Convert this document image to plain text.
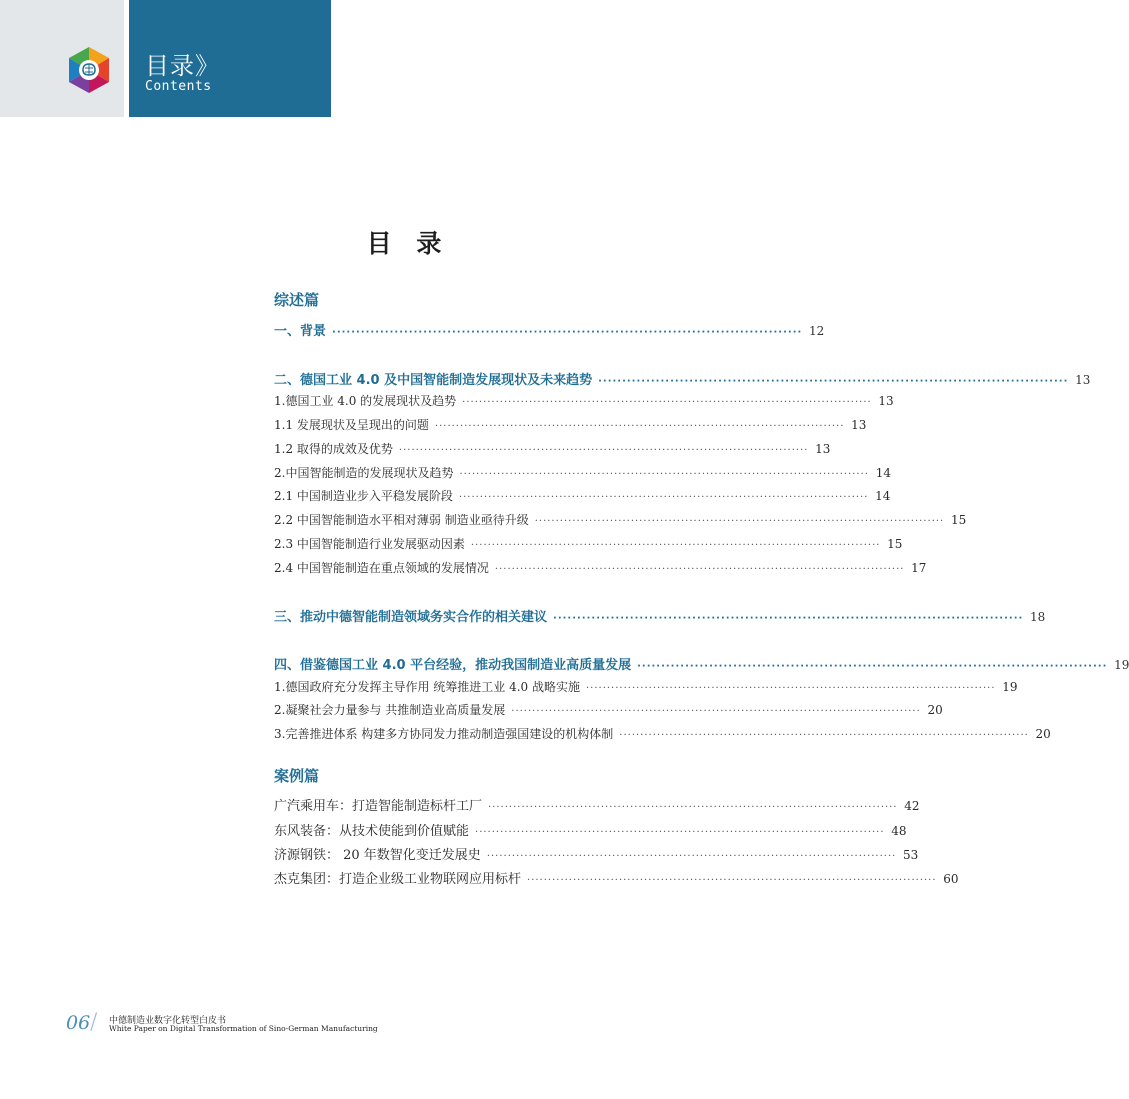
目录》
Contents
目 录
综述篇
一、背景 ·································································································· 12
二、德国工业 4.0 及中国智能制造发展现状及未来趋势 ·································································································· 13
1.德国工业 4.0 的发展现状及趋势 ·································································································· 13
1.1 发展现状及呈现出的问题 ·································································································· 13
1.2 取得的成效及优势 ·································································································· 13
2.中国智能制造的发展现状及趋势 ·································································································· 14
2.1 中国制造业步入平稳发展阶段 ·································································································· 14
2.2 中国智能制造水平相对薄弱 制造业亟待升级 ·································································································· 15
2.3 中国智能制造行业发展驱动因素 ·································································································· 15
2.4 中国智能制造在重点领域的发展情况 ·································································································· 17
三、推动中德智能制造领域务实合作的相关建议 ·································································································· 18
四、借鉴德国工业 4.0 平台经验，推动我国制造业高质量发展 ·································································································· 19
1.德国政府充分发挥主导作用 统筹推进工业 4.0 战略实施 ·································································································· 19
2.凝聚社会力量参与 共推制造业高质量发展 ·································································································· 20
3.完善推进体系 构建多方协同发力推动制造强国建设的机构体制 ·································································································· 20
案例篇
广汽乘用车：打造智能制造标杆工厂 ·································································································· 42
东风装备：从技术使能到价值赋能 ·································································································· 48
济源钢铁： 20 年数智化变迁发展史 ·································································································· 53
杰克集团：打造企业级工业物联网应用标杆 ·································································································· 60
06 / 中德制造业数字化转型白皮书
White Paper on Digital Transformation of Sino-German Manufacturing
